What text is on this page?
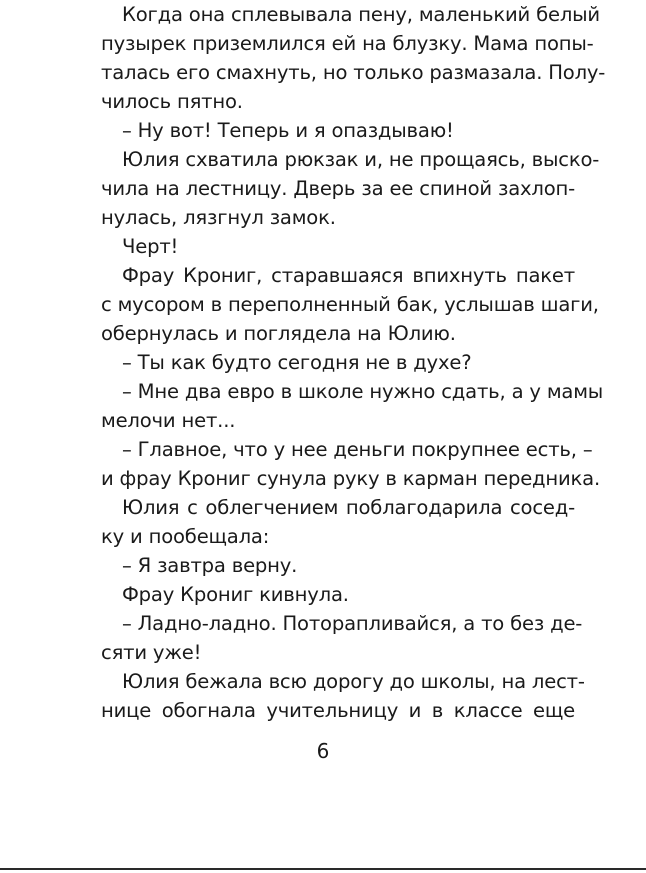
Когда она сплевывала пену, маленький белый
пузырек приземлился ей на блузку. Мама попы-
талась его смахнуть, но только размазала. Полу-
чилось пятно.
– Ну вот! Теперь и я опаздываю!
Юлия схватила рюкзак и, не прощаясь, выско-
чила на лестницу. Дверь за ее спиной захлоп-
нулась, лязгнул замок.
Черт!
Фрау Крониг, старавшаяся впихнуть пакет
с мусором в переполненный бак, услышав шаги,
обернулась и поглядела на Юлию.
– Ты как будто сегодня не в духе?
– Мне два евро в школе нужно сдать, а у мамы
мелочи нет...
– Главное, что у нее деньги покрупнее есть, –
и фрау Крониг сунула руку в карман передника.
Юлия с облегчением поблагодарила сосед-
ку и пообещала:
– Я завтра верну.
Фрау Крониг кивнула.
– Ладно-ладно. Поторапливайся, а то без де-
сяти уже!
Юлия бежала всю дорогу до школы, на лест-
нице обогнала учительницу и в классе еще
6
